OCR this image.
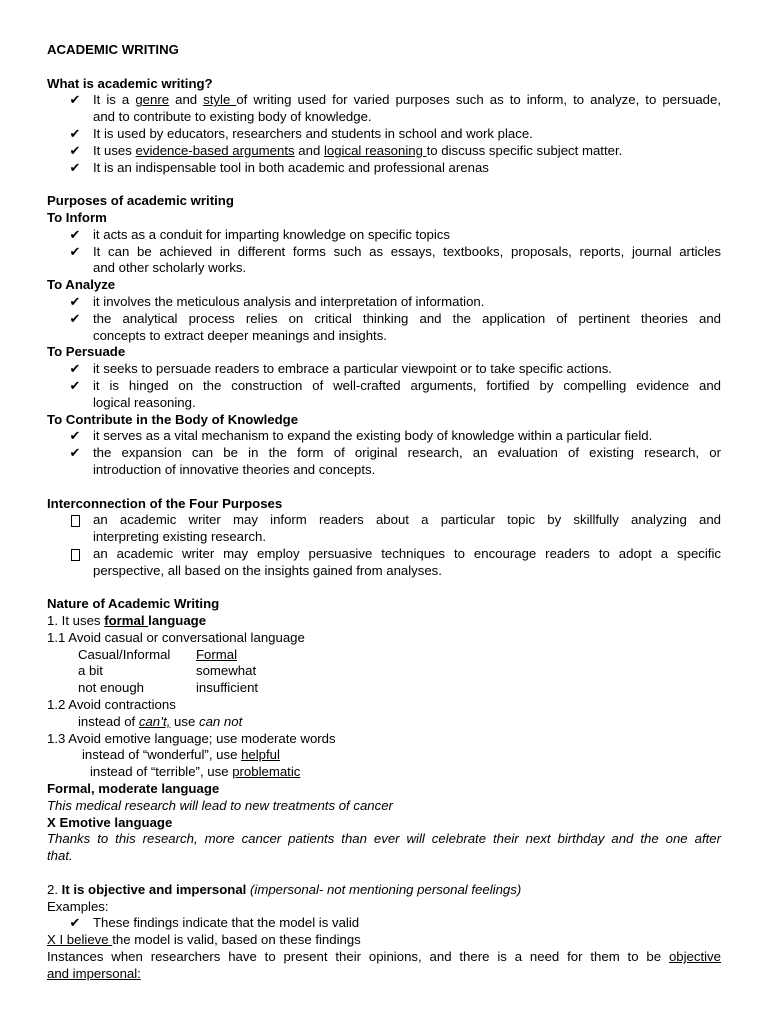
ACADEMIC WRITING
What is academic writing?
✔ It is a genre and style of writing used for varied purposes such as to inform, to analyze, to persuade,
and to contribute to existing body of knowledge.
✔ It is used by educators, researchers and students in school and work place.
✔ It uses evidence-based arguments and logical reasoning to discuss specific subject matter.
✔ It is an indispensable tool in both academic and professional arenas
Purposes of academic writing
To Inform
✔ it acts as a conduit for imparting knowledge on specific topics
✔ It can be achieved in different forms such as essays, textbooks, proposals, reports, journal articles
and other scholarly works.
To Analyze
✔ it involves the meticulous analysis and interpretation of information.
✔ the analytical process relies on critical thinking and the application of pertinent theories and
concepts to extract deeper meanings and insights.
To Persuade
✔ it seeks to persuade readers to embrace a particular viewpoint or to take specific actions.
✔ it is hinged on the construction of well-crafted arguments, fortified by compelling evidence and
logical reasoning.
To Contribute in the Body of Knowledge
✔ it serves as a vital mechanism to expand the existing body of knowledge within a particular field.
✔ the expansion can be in the form of original research, an evaluation of existing research, or
introduction of innovative theories and concepts.
Interconnection of the Four Purposes
an academic writer may inform readers about a particular topic by skillfully analyzing and
interpreting existing research.
an academic writer may employ persuasive techniques to encourage readers to adopt a specific
perspective, all based on the insights gained from analyses.
Nature of Academic Writing
1. It uses formal language
1.1 Avoid casual or conversational language
Casual/Informal Formal
a bit	somewhat
not enough	insufficient
1.2 Avoid contractions
instead of can’t, use can not
1.3 Avoid emotive language; use moderate words
instead of “wonderful”, use helpful
instead of “terrible”, use problematic
Formal, moderate language
This medical research will lead to new treatments of cancer
X Emotive language
Thanks to this research, more cancer patients than ever will celebrate their next birthday and the one after
that.
2. It is objective and impersonal (impersonal- not mentioning personal feelings)
Examples:
✔ These findings indicate that the model is valid
X I believe the model is valid, based on these findings
Instances when researchers have to present their opinions, and there is a need for them to be objective
and impersonal:
